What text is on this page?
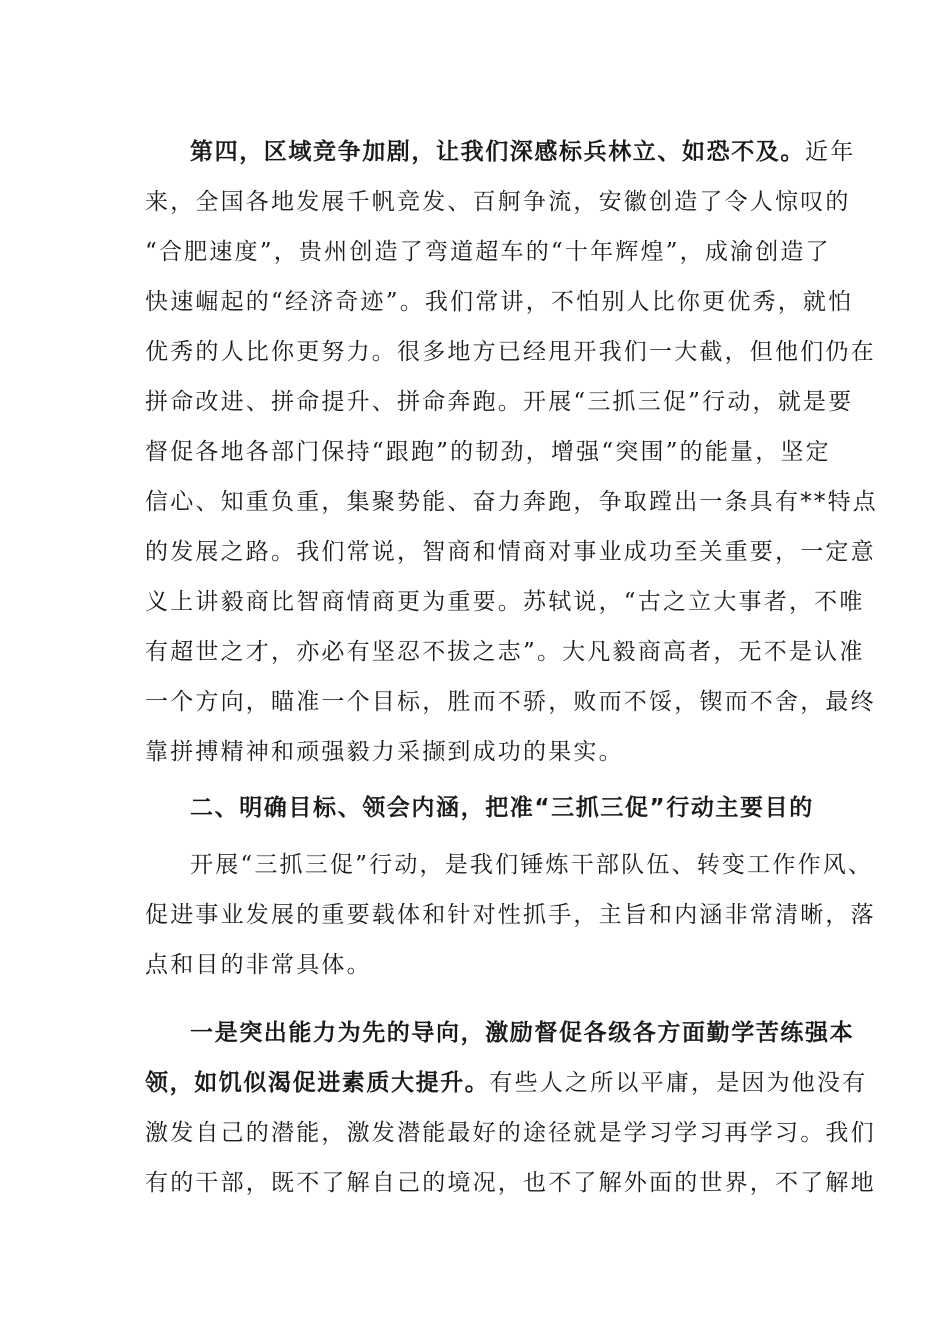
第四，区域竞争加剧，让我们深感标兵林立、如恐不及。近年
来，全国各地发展千帆竞发、百舸争流，安徽创造了令人惊叹的
“合肥速度”，贵州创造了弯道超车的“十年辉煌”，成渝创造了
快速崛起的“经济奇迹”。我们常讲，不怕别人比你更优秀，就怕
优秀的人比你更努力。很多地方已经甩开我们一大截，但他们仍在
拼命改进、拼命提升、拼命奔跑。开展“三抓三促”行动，就是要
督促各地各部门保持“跟跑”的韧劲，增强“突围”的能量，坚定
信心、知重负重，集聚势能、奋力奔跑，争取蹚出一条具有**特点
的发展之路。我们常说，智商和情商对事业成功至关重要，一定意
义上讲毅商比智商情商更为重要。苏轼说，“古之立大事者，不唯
有超世之才，亦必有坚忍不拔之志”。大凡毅商高者，无不是认准
一个方向，瞄准一个目标，胜而不骄，败而不馁，锲而不舍，最终
靠拼搏精神和顽强毅力采撷到成功的果实。
二、明确目标、领会内涵，把准“三抓三促”行动主要目的
开展“三抓三促”行动，是我们锤炼干部队伍、转变工作作风、
促进事业发展的重要载体和针对性抓手，主旨和内涵非常清晰，落
点和目的非常具体。
一是突出能力为先的导向，激励督促各级各方面勤学苦练强本
领，如饥似渴促进素质大提升。有些人之所以平庸，是因为他没有
激发自己的潜能，激发潜能最好的途径就是学习学习再学习。我们
有的干部，既不了解自己的境况，也不了解外面的世界，不了解地
